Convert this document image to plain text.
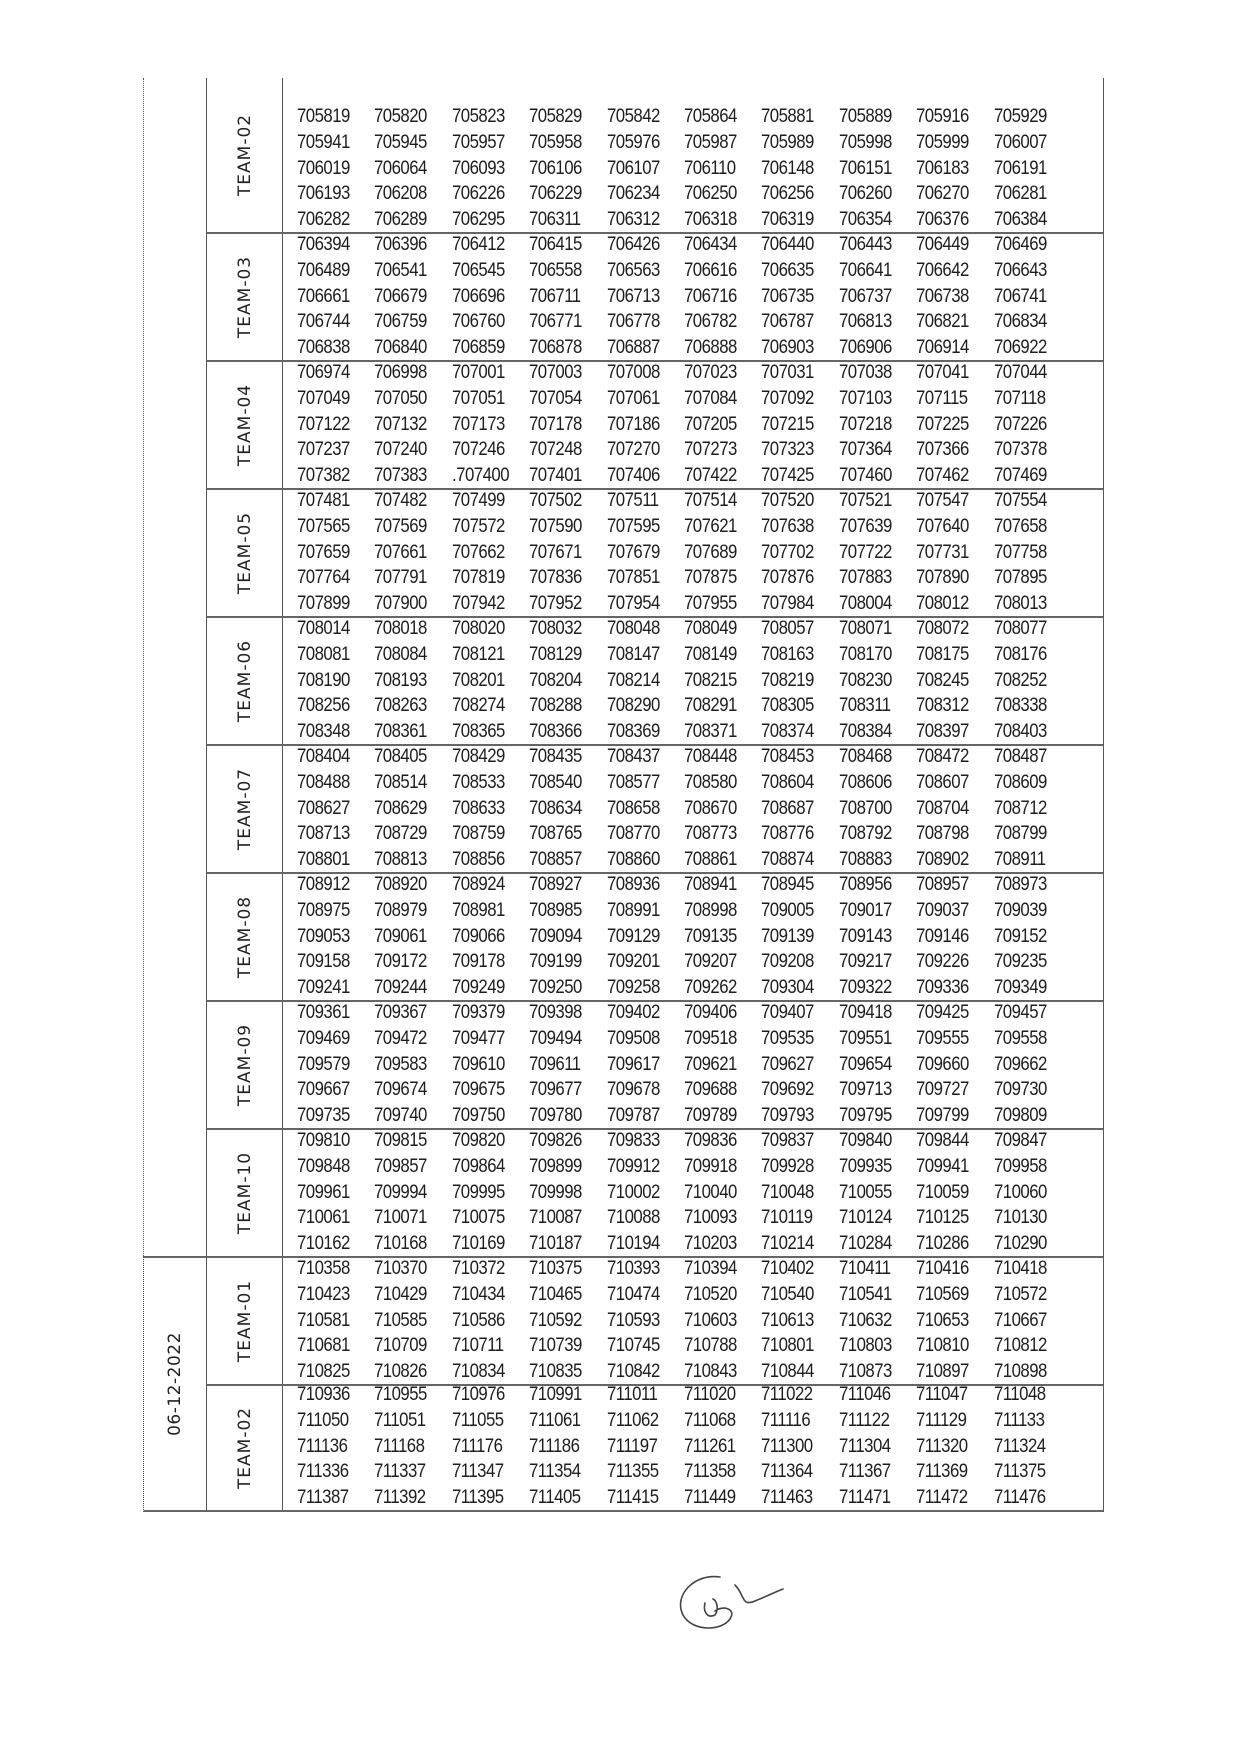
TEAM-02 705819	705820	705823	705829	705842	705864	705881	705889	705916	705929
705941	705945	705957	705958	705976	705987	705989	705998	705999	706007
706019	706064	706093	706106	706107	706110	706148	706151	706183	706191
706193	706208	706226	706229	706234	706250	706256	706260	706270	706281
706282	706289	706295	706311	706312	706318	706319	706354	706376	706384
TEAM-03
706394	706396	706412	706415	706426	706434	706440	706443	706449	706469
706489	706541	706545	706558	706563	706616	706635	706641	706642	706643
706661	706679	706696	706711	706713	706716	706735	706737	706738	706741
706744	706759	706760	706771	706778	706782	706787	706813	706821	706834
706838	706840	706859	706878	706887	706888	706903	706906	706914	706922
TEAM-04
706974	706998	707001	707003	707008	707023	707031	707038	707041	707044
707049	707050	707051	707054	707061	707084	707092	707103	707115	707118
707122	707132	707173	707178	707186	707205	707215	707218	707225	707226
707237	707240	707246	707248	707270	707273	707323	707364	707366	707378
707382	707383	.707400	707401	707406	707422	707425	707460	707462	707469
TEAM-05
707481	707482	707499	707502	707511	707514	707520	707521	707547	707554
707565	707569	707572	707590	707595	707621	707638	707639	707640	707658
707659	707661	707662	707671	707679	707689	707702	707722	707731	707758
707764	707791	707819	707836	707851	707875	707876	707883	707890	707895
707899	707900	707942	707952	707954	707955	707984	708004	708012	708013
TEAM-06
708014	708018	708020	708032	708048	708049	708057	708071	708072	708077
708081	708084	708121	708129	708147	708149	708163	708170	708175	708176
708190	708193	708201	708204	708214	708215	708219	708230	708245	708252
708256	708263	708274	708288	708290	708291	708305	708311	708312	708338
708348	708361	708365	708366	708369	708371	708374	708384	708397	708403
TEAM-07
708404	708405	708429	708435	708437	708448	708453	708468	708472	708487
708488	708514	708533	708540	708577	708580	708604	708606	708607	708609
708627	708629	708633	708634	708658	708670	708687	708700	708704	708712
708713	708729	708759	708765	708770	708773	708776	708792	708798	708799
708801	708813	708856	708857	708860	708861	708874	708883	708902	708911
TEAM-08
708912	708920	708924	708927	708936	708941	708945	708956	708957	708973
708975	708979	708981	708985	708991	708998	709005	709017	709037	709039
709053	709061	709066	709094	709129	709135	709139	709143	709146	709152
709158	709172	709178	709199	709201	709207	709208	709217	709226	709235
709241	709244	709249	709250	709258	709262	709304	709322	709336	709349
TEAM-09
709361	709367	709379	709398	709402	709406	709407	709418	709425	709457
709469	709472	709477	709494	709508	709518	709535	709551	709555	709558
709579	709583	709610	709611	709617	709621	709627	709654	709660	709662
709667	709674	709675	709677	709678	709688	709692	709713	709727	709730
709735	709740	709750	709780	709787	709789	709793	709795	709799	709809
TEAM-10
709810	709815	709820	709826	709833	709836	709837	709840	709844	709847
709848	709857	709864	709899	709912	709918	709928	709935	709941	709958
709961	709994	709995	709998	710002	710040	710048	710055	710059	710060
710061	710071	710075	710087	710088	710093	710119	710124	710125	710130
710162	710168	710169	710187	710194	710203	710214	710284	710286	710290
TEAM-01
710358	710370	710372	710375	710393	710394	710402	710411	710416	710418
710423	710429	710434	710465	710474	710520	710540	710541	710569	710572
710581	710585	710586	710592	710593	710603	710613	710632	710653	710667
710681	710709	710711	710739	710745	710788	710801	710803	710810	710812
710825	710826	710834	710835	710842	710843	710844	710873	710897	710898
TEAM-02
710936	710955	710976	710991	711011	711020	711022	711046	711047	711048
711050	711051	711055	711061	711062	711068	711116	711122	711129	711133
711136	711168	711176	711186	711197	711261	711300	711304	711320	711324
711336	711337	711347	711354	711355	711358	711364	711367	711369	711375
711387	711392	711395	711405	711415	711449	711463	711471	711472	711476
06-12-2022
